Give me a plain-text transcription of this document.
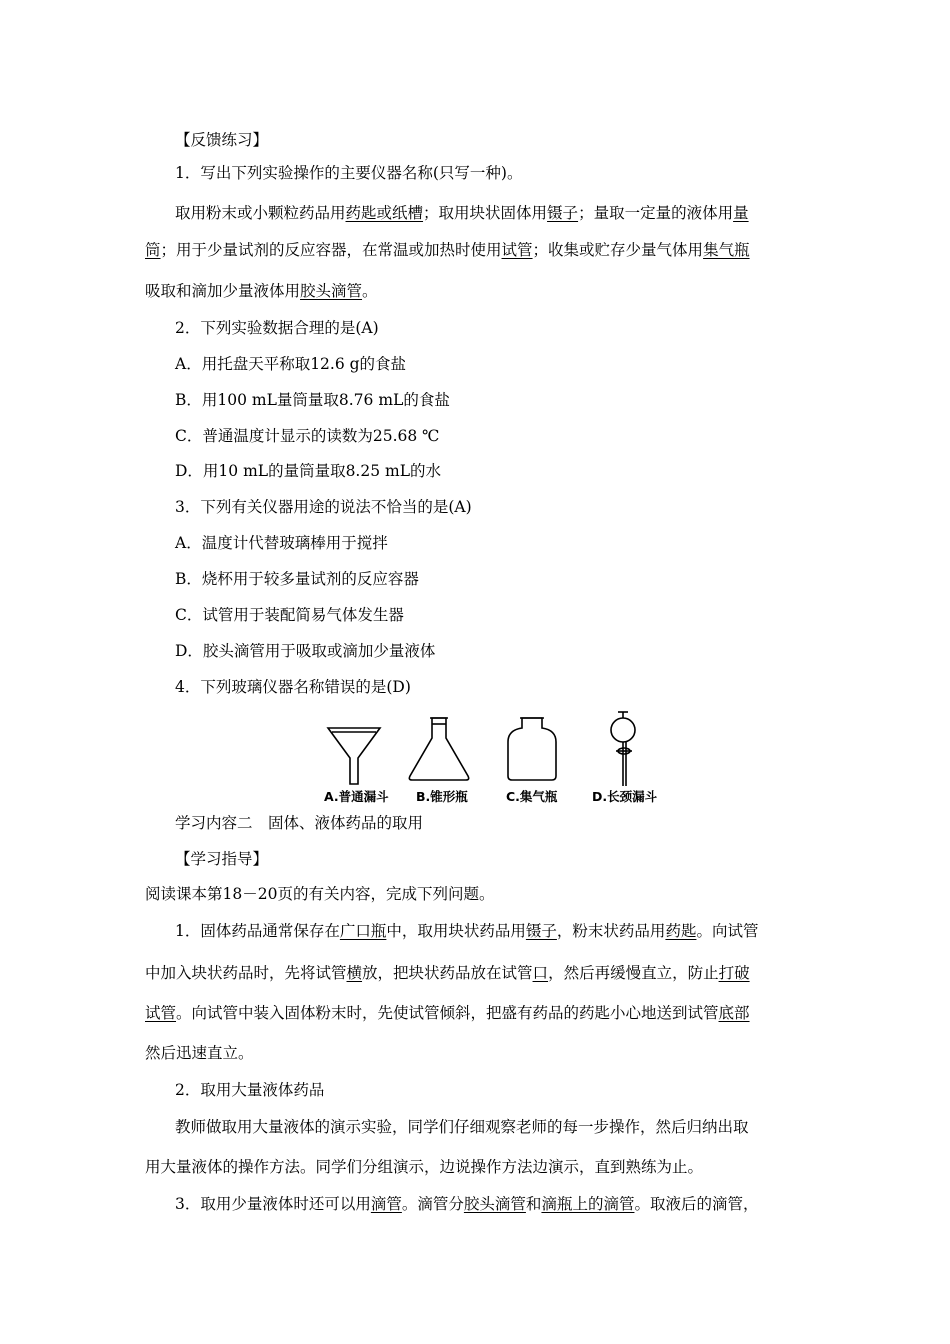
【反馈练习】
1．写出下列实验操作的主要仪器名称(只写一种)。
取用粉末或小颗粒药品用药匙或纸槽；取用块状固体用镊子；量取一定量的液体用量
筒；用于少量试剂的反应容器，在常温或加热时使用试管；收集或贮存少量气体用集气瓶
吸取和滴加少量液体用胶头滴管。
2．下列实验数据合理的是(A)
A．用托盘天平称取12.6 g的食盐
B．用100 mL量筒量取8.76 mL的食盐
C．普通温度计显示的读数为25.68 ℃
D．用10 mL的量筒量取8.25 mL的水
3．下列有关仪器用途的说法不恰当的是(A)
A．温度计代替玻璃棒用于搅拌
B．烧杯用于较多量试剂的反应容器
C．试管用于装配简易气体发生器
D．胶头滴管用于吸取或滴加少量液体
4．下列玻璃仪器名称错误的是(D)
A.普通漏斗 B.锥形瓶	C.集气瓶	D.长颈漏斗
学习内容二　固体、液体药品的取用
【学习指导】
阅读课本第18－20页的有关内容，完成下列问题。
1．固体药品通常保存在广口瓶中，取用块状药品用镊子，粉末状药品用药匙。向试管
中加入块状药品时，先将试管横放，把块状药品放在试管口，然后再缓慢直立，防止打破
试管。向试管中装入固体粉末时，先使试管倾斜，把盛有药品的药匙小心地送到试管底部
然后迅速直立。
2．取用大量液体药品
教师做取用大量液体的演示实验，同学们仔细观察老师的每一步操作，然后归纳出取
用大量液体的操作方法。同学们分组演示，边说操作方法边演示，直到熟练为止。
3．取用少量液体时还可以用滴管。滴管分胶头滴管和滴瓶上的滴管。取液后的滴管，
